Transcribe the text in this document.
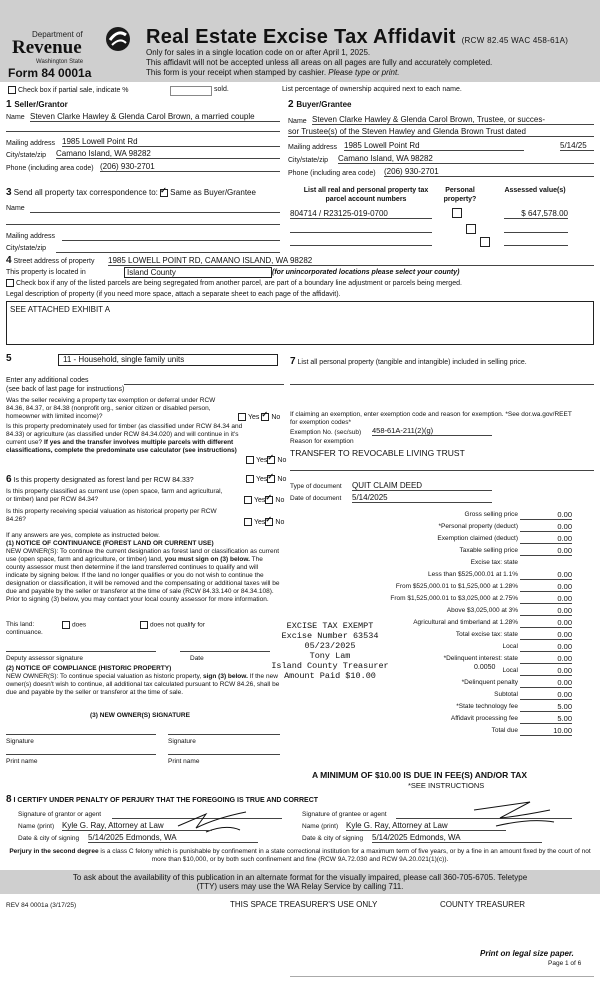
Department of
Revenue
Washington State
Form 84 0001a
Real Estate Excise Tax Affidavit (RCW 82.45 WAC 458-61A)
Only for sales in a single location code on or after April 1, 2025.
This affidavit will not be accepted unless all areas on all pages are fully and accurately completed.
This form is your receipt when stamped by cashier. Please type or print.
Check box if partial sale, indicate %	sold.	List percentage of ownership acquired next to each name.
1 Seller/Grantor
Name Steven Clarke Hawley & Glenda Carol Brown, a married couple
Mailing address 1985 Lowell Point Rd
City/state/zip Camano Island, WA 98282
Phone (including area code) (206) 930-2701
2 Buyer/Grantee
Name Steven Clarke Hawley & Glenda Carol Brown, Trustee, or succes-
sor Trustee(s) of the Steven Hawley and Glenda Brown Trust dated
Mailing address 1985 Lowell Point Rd	5/14/25
City/state/zip Camano Island, WA 98282
Phone (including area code) (206) 930-2701
3 Send all property tax correspondence to: ✓ Same as Buyer/Grantee
Name
Mailing address
City/state/zip
List all real and personal property tax parcel account numbers
Personal property?
Assessed value(s)
804714 / R23125-019-0700
	$ 647,578.00

4 Street address of property 1985 LOWELL POINT RD, CAMANO ISLAND, WA 98282
This property is located in	Island County	(for unincorporated locations please select your county)
Check box if any of the listed parcels are being segregated from another parcel, are part of a boundary line adjustment or parcels being merged.
Legal description of property (if you need more space, attach a separate sheet to each page of the affidavit).
SEE ATTACHED EXHIBIT A
5	11 - Household, single family units
Enter any additional codes
(see back of last page for instructions)
Was the seller receiving a property tax exemption or deferral under RCW 84.36, 84.37, or 84.38 (nonprofit org., senior citizen or disabled person, homeowner with limited income)?	Yes ✓ No
Is this property predominately used for timber (as classified under RCW 84.34 and 84.33) or agriculture (as classified under RCW 84.34.020) and will continue in it's current use? If yes and the transfer involves multiple parcels with different classifications, complete the predominate use calculator (see instructions)
Yes ✓ No
6 Is this property designated as forest land per RCW 84.33?	Yes ✓ No
Is this property classified as current use (open space, farm and agricultural, or timber) land per RCW 84.34?	Yes ✓ No
Is this property receiving special valuation as historical property per RCW 84.26?	Yes ✓ No
If any answers are yes, complete as instructed below.
(1) NOTICE OF CONTINUANCE (FOREST LAND OR CURRENT USE)
NEW OWNER(S): To continue the current designation as forest land or classification as current use (open space, farm and agriculture, or timber) land, you must sign on (3) below. The county assessor must then determine if the land transferred continues to qualify and will indicate by signing below. If the land no longer qualifies or you do not wish to continue the designation or classification, it will be removed and the compensating or additional taxes will be due and payable by the seller or transferor at the time of sale (RCW 84.33.140 or 84.34.108). Prior to signing (3) below, you may contact your local county assessor for more information.
This land:
continuance.
does	does not qualify for
Deputy assessor signature	Date
(2) NOTICE OF COMPLIANCE (HISTORIC PROPERTY)
NEW OWNER(S): To continue special valuation as historic property, sign (3) below. If the new owner(s) doesn't wish to continue, all additional tax calculated pursuant to RCW 84.26, shall be due and payable by the seller or transferor at the time of sale.
(3) NEW OWNER(S) SIGNATURE
Signature	Signature
Print name	Print name
7 List all personal property (tangible and intangible) included in selling price.
If claiming an exemption, enter exemption code and reason for exemption. *See dor.wa.gov/REET for exemption codes*
Exemption No. (sec/sub) 458-61A-211(2)(g)
Reason for exemption
TRANSFER TO REVOCABLE LIVING TRUST
Type of document QUIT CLAIM DEED
Date of document 5/14/2025
Gross selling price	0.00
*Personal property (deduct)	0.00
Exemption claimed (deduct)	0.00
Taxable selling price	0.00
Excise tax: state
Less than $525,000.01 at 1.1%	0.00
From $525,000.01 to $1,525,000 at 1.28%	0.00
From $1,525,000.01 to $3,025,000 at 2.75%	0.00
Above $3,025,000 at 3%	0.00
Agricultural and timberland at 1.28%	0.00
Total excise tax: state	0.00
Local	0.00
*Delinquent interest: state	0.00
Local	0.00
*Delinquent penalty	0.00
Subtotal	0.00
*State technology fee	5.00
Affidavit processing fee	5.00
Total due	10.00
0.0050
EXCISE TAX EXEMPT
Excise Number 63534
05/23/2025
Tony Lam
Island County Treasurer
Amount Paid $10.00
A MINIMUM OF $10.00 IS DUE IN FEE(S) AND/OR TAX
*SEE INSTRUCTIONS
8 I CERTIFY UNDER PENALTY OF PERJURY THAT THE FOREGOING IS TRUE AND CORRECT
Signature of grantor or agent
Name (print) Kyle G. Ray, Attorney at Law
Date & city of signing 5/14/2025 Edmonds, WA
Signature of grantee or agent
Name (print) Kyle G. Ray, Attorney at Law
Date & city of signing 5/14/2025 Edmonds, WA
Perjury in the second degree is a class C felony which is punishable by confinement in a state correctional institution for a maximum term of five years, or by a fine in an amount fixed by the court of not more than $10,000, or by both such confinement and fine (RCW 9A.72.030 and RCW 9A.20.021(1)(c)).
To ask about the availability of this publication in an alternate format for the visually impaired, please call 360-705-6705. Teletype
(TTY) users may use the WA Relay Service by calling 711.
REV 84 0001a (3/17/25)	THIS SPACE TREASURER'S USE ONLY	COUNTY TREASURER
Print on legal size paper.
Page 1 of 6
